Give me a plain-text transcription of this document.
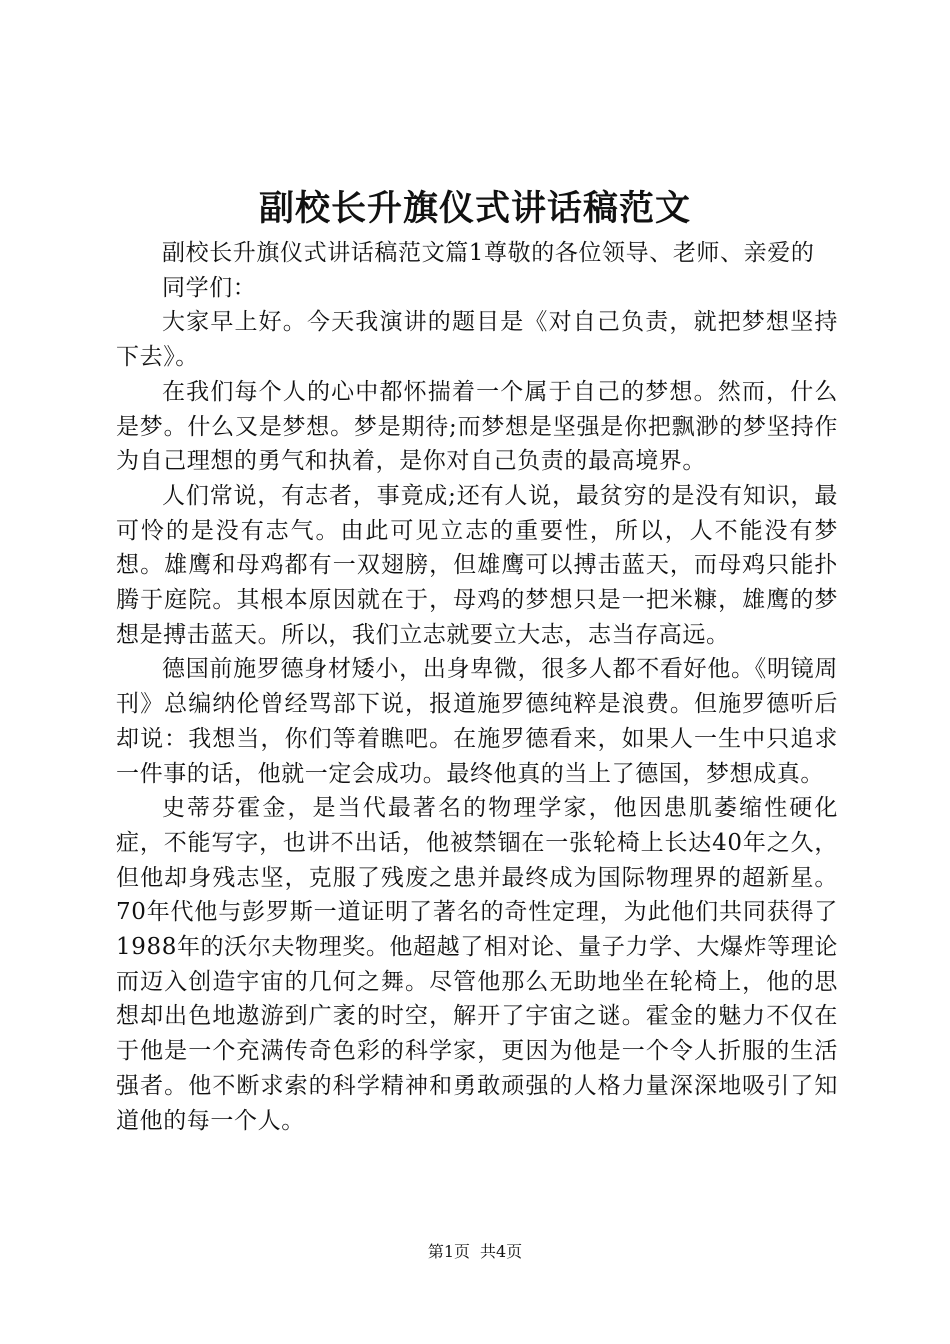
副校长升旗仪式讲话稿范文

副校长升旗仪式讲话稿范文篇1尊敬的各位领导、老师、亲爱的

同学们：

大家早上好。今天我演讲的题目是《对自己负责，就把梦想坚持下去》。

在我们每个人的心中都怀揣着一个属于自己的梦想。然而，什么是梦。什么又是梦想。梦是期待;而梦想是坚强是你把飘渺的梦坚持作为自己理想的勇气和执着，是你对自己负责的最高境界。

人们常说，有志者，事竟成;还有人说，最贫穷的是没有知识，最可怜的是没有志气。由此可见立志的重要性，所以，人不能没有梦想。雄鹰和母鸡都有一双翅膀，但雄鹰可以搏击蓝天，而母鸡只能扑腾于庭院。其根本原因就在于，母鸡的梦想只是一把米糠，雄鹰的梦想是搏击蓝天。所以，我们立志就要立大志，志当存高远。

德国前施罗德身材矮小，出身卑微，很多人都不看好他。《明镜周刊》总编纳伦曾经骂部下说，报道施罗德纯粹是浪费。但施罗德听后却说：我想当，你们等着瞧吧。在施罗德看来，如果人一生中只追求一件事的话，他就一定会成功。最终他真的当上了德国，梦想成真。

史蒂芬霍金，是当代最著名的物理学家，他因患肌萎缩性硬化症，不能写字，也讲不出话，他被禁锢在一张轮椅上长达40年之久，但他却身残志坚，克服了残废之患并最终成为国际物理界的超新星。70年代他与彭罗斯一道证明了著名的奇性定理，为此他们共同获得了1988年的沃尔夫物理奖。他超越了相对论、量子力学、大爆炸等理论而迈入创造宇宙的几何之舞。尽管他那么无助地坐在轮椅上，他的思想却出色地遨游到广袤的时空，解开了宇宙之谜。霍金的魅力不仅在于他是一个充满传奇色彩的科学家，更因为他是一个令人折服的生活强者。他不断求索的科学精神和勇敢顽强的人格力量深深地吸引了知道他的每一个人。

第1页 共4页
